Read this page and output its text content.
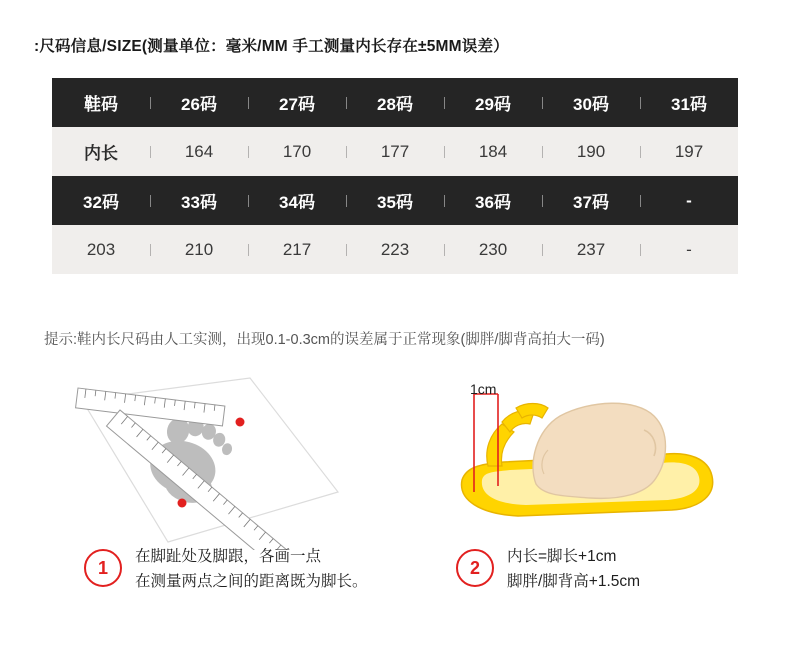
:尺码信息/SIZE(测量单位：毫米/MM 手工测量内长存在±5MM误差）
鞋码	26码	27码	28码	29码	30码	31码
内长	164	170	177	184	190	197
32码	33码	34码	35码	36码	37码	-
203	210	217	223	230	237	-
提示:鞋内长尺码由人工实测，出现0.1-0.3cm的误差属于正常现象(脚胖/脚背高拍大一码)
1cm
1
在脚趾处及脚跟，各画一点
在测量两点之间的距离既为脚长。
2
内长=脚长+1cm
脚胖/脚背高+1.5cm
